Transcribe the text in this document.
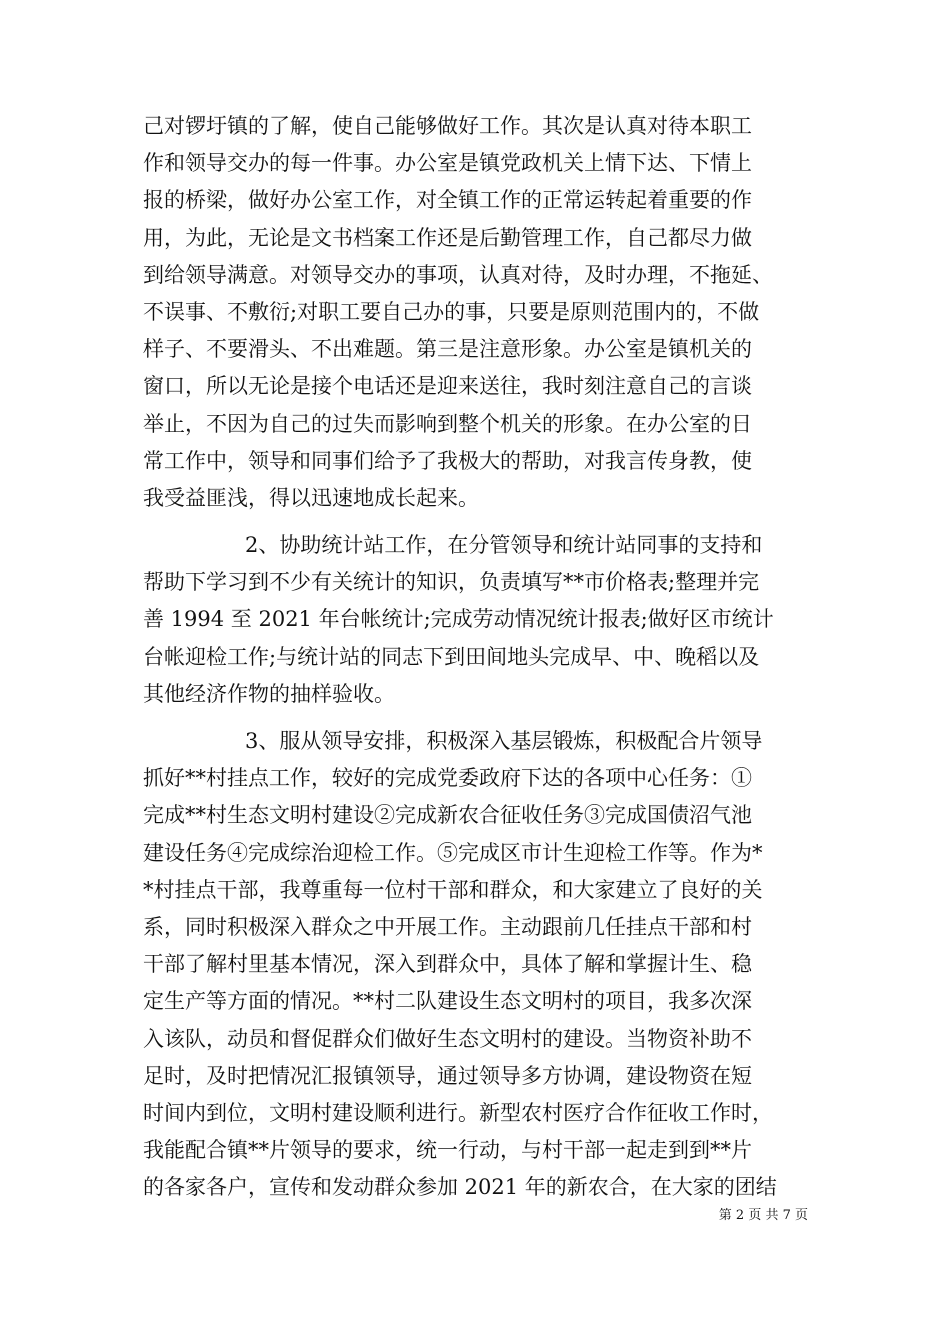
己对锣圩镇的了解，使自己能够做好工作。其次是认真对待本职工
作和领导交办的每一件事。办公室是镇党政机关上情下达、下情上
报的桥梁，做好办公室工作，对全镇工作的正常运转起着重要的作
用，为此，无论是文书档案工作还是后勤管理工作，自己都尽力做
到给领导满意。对领导交办的事项，认真对待，及时办理，不拖延、
不误事、不敷衍;对职工要自己办的事，只要是原则范围内的，不做
样子、不要滑头、不出难题。第三是注意形象。办公室是镇机关的
窗口，所以无论是接个电话还是迎来送往，我时刻注意自己的言谈
举止，不因为自己的过失而影响到整个机关的形象。在办公室的日
常工作中，领导和同事们给予了我极大的帮助，对我言传身教，使
我受益匪浅，得以迅速地成长起来。
2、协助统计站工作，在分管领导和统计站同事的支持和
帮助下学习到不少有关统计的知识，负责填写**市价格表;整理并完
善 1994 至 2021 年台帐统计;完成劳动情况统计报表;做好区市统计
台帐迎检工作;与统计站的同志下到田间地头完成早、中、晚稻以及
其他经济作物的抽样验收。
3、服从领导安排，积极深入基层锻炼，积极配合片领导
抓好**村挂点工作，较好的完成党委政府下达的各项中心任务：①
完成**村生态文明村建设②完成新农合征收任务③完成国债沼气池
建设任务④完成综治迎检工作。⑤完成区市计生迎检工作等。作为*
*村挂点干部，我尊重每一位村干部和群众，和大家建立了良好的关
系，同时积极深入群众之中开展工作。主动跟前几任挂点干部和村
干部了解村里基本情况，深入到群众中，具体了解和掌握计生、稳
定生产等方面的情况。**村二队建设生态文明村的项目，我多次深
入该队，动员和督促群众们做好生态文明村的建设。当物资补助不
足时，及时把情况汇报镇领导，通过领导多方协调，建设物资在短
时间内到位，文明村建设顺利进行。新型农村医疗合作征收工作时，
我能配合镇**片领导的要求，统一行动，与村干部一起走到到**片
的各家各户，宣传和发动群众参加 2021 年的新农合，在大家的团结
第 2 页 共 7 页
